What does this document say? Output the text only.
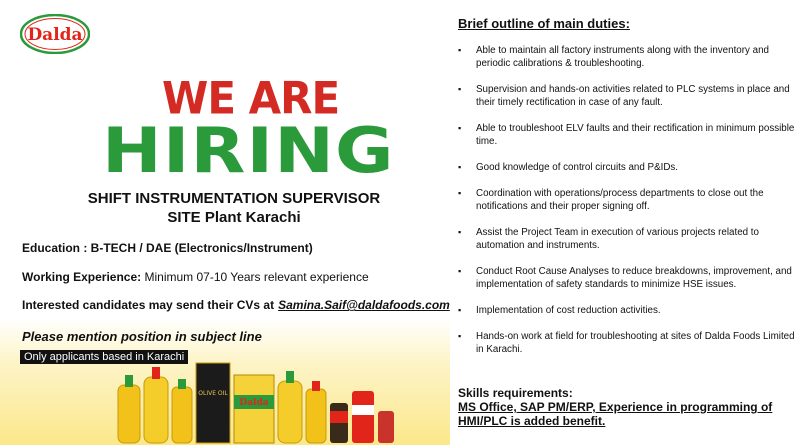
Dalda
WE ARE
HIRING
SHIFT INSTRUMENTATION SUPERVISOR
SITE Plant Karachi
Education : B-TECH / DAE (Electronics/Instrument)
Working Experience: Minimum 07-10 Years relevant experience
Interested candidates may send their CVs at Samina.Saif@daldafoods.com
Please mention position in subject line
Only applicants based in Karachi
OLIVE OIL
Dalda
Brief outline of main duties:
▪ Able to maintain all factory instruments along with the inventory and periodic calibrations & troubleshooting.
▪ Supervision and hands-on activities related to PLC systems in place and their timely rectification in case of any fault.
▪ Able to troubleshoot ELV faults and their rectification in minimum possible time.
▪ Good knowledge of control circuits and P&IDs.
▪ Coordination with operations/process departments to close out the notifications and their proper signing off.
▪ Assist the Project Team in execution of various projects related to automation and instruments.
▪ Conduct Root Cause Analyses to reduce breakdowns, improvement, and implementation of safety standards to minimize HSE issues.
▪ Implementation of cost reduction activities.
▪ Hands-on work at field for troubleshooting at sites of Dalda Foods Limited in Karachi.
Skills requirements:
MS Office, SAP PM/ERP, Experience in programming of HMI/PLC is added benefit.
